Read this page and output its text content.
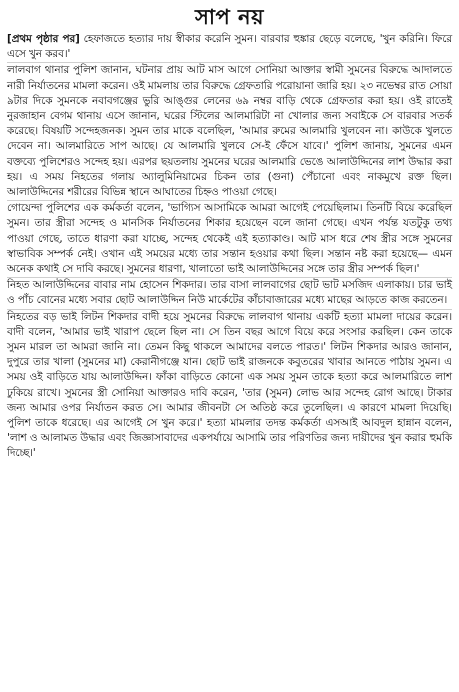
সাপ নয়

[প্রথম পৃষ্ঠার পর] হেফাজতে হত্যার দায় স্বীকার করেনি সুমন। বারবার হুঙ্কার ছেড়ে বলেছে, 'খুন করিনি। ফিরে এসে খুন করব।'

লালবাগ থানার পুলিশ জানান, ঘটনার প্রায় আট মাস আগে সোনিয়া আক্তার স্বামী সুমনের বিরুদ্ধে আদালতে নারী নির্যাতনের মামলা করেন। ওই মামলায় তার বিরুদ্ধে গ্রেফতারি পরোয়ানা জারি হয়। ২৩ নভেম্বর রাত সোয়া ৯টার দিকে সুমনকে নবাবগঞ্জের ভুরি আঙ্গুর লেনের ৬৯ নম্বর বাড়ি থেকে গ্রেফতার করা হয়। ওই রাতেই নুরজাহান বেগম থানায় এসে জানান, ঘরের স্টিলের আলমারিটা না খোলার জন্য সবাইকে সে বারবার সতর্ক করেছে। বিষয়টি সন্দেহজনক। সুমন তার মাকে বলেছিল, 'আমার রুমের আলমারি খুলবেন না। কাউকে খুলতে দেবেন না। আলমারিতে সাপ আছে। যে আলমারি খুলবে সে-ই ফেঁসে যাবে।' পুলিশ জানায়, সুমনের এমন বক্তব্যে পুলিশেরও সন্দেহ হয়। এরপর ছয়তলায় সুমনের ঘরের আলমারি ভেঙে আলাউদ্দিনের লাশ উদ্ধার করা হয়। এ সময় নিহতের গলায় অ্যালুমিনিয়ামের চিকন তার (গুনা) পেঁচানো এবং নাকমুখে রক্ত ছিল। আলাউদ্দিনের শরীরের বিভিন্ন স্থানে আঘাতের চিহ্নও পাওয়া গেছে।

গোয়েন্দা পুলিশের এক কর্মকর্তা বলেন, 'ভাগ্যিস আসামিকে আমরা আগেই পেয়েছিলাম। তিনটি বিয়ে করেছিল সুমন। তার স্ত্রীরা সন্দেহ ও মানসিক নির্যাতনের শিকার হয়েছেন বলে জানা গেছে। এখন পর্যন্ত যতটুকু তথ্য পাওয়া গেছে, তাতে ধারণা করা যাচ্ছে, সন্দেহ থেকেই এই হত্যাকাণ্ড। আট মাস ধরে শেষ স্ত্রীর সঙ্গে সুমনের স্বাভাবিক সম্পর্ক নেই। ওখান এই সময়ের মধ্যে তার সন্তান হওয়ার কথা ছিল। সন্তান নষ্ট করা হয়েছে— এমন অনেক কথাই সে দাবি করছে। সুমনের ধারণা, খালাতো ভাই আলাউদ্দিনের সঙ্গে তার স্ত্রীর সম্পর্ক ছিল।'

নিহত আলাউদ্দিনের বাবার নাম হোসেন শিকদার। তার বাসা লালবাগের ছোট ভাট মসজিদ এলাকায়। চার ভাই ও পাঁচ বোনের মধ্যে সবার ছোট আলাউদ্দিন নিউ মার্কেটের কাঁচাবাজারের মধ্যে মাছের আড়তে কাজ করতেন।

নিহতের বড় ভাই লিটন শিকদার বাদী হয়ে সুমনের বিরুদ্ধে লালবাগ থানায় একটি হত্যা মামলা দায়ের করেন। বাদী বলেন, 'আমার ভাই খারাপ ছেলে ছিল না। সে তিন বছর আগে বিয়ে করে সংসার করছিল। কেন তাকে সুমন মারল তা আমরা জানি না। তেমন কিছু থাকলে আমাদের বলতে পারত।' লিটন শিকদার আরও জানান, দুপুরে তার খালা (সুমনের মা) কেরানীগঞ্জে যান। ছোট ভাই রাজনকে কবুতরের খাবার আনতে পাঠায় সুমন। এ সময় ওই বাড়িতে যায় আলাউদ্দিন। ফাঁকা বাড়িতে কোনো এক সময় সুমন তাকে হত্যা করে আলমারিতে লাশ ঢুকিয়ে রাখে। সুমনের স্ত্রী সোনিয়া আক্তারও দাবি করেন, 'তার (সুমন) লোভ আর সন্দেহ রোগ আছে। টাকার জন্য আমার ওপর নির্যাতন করত সে। আমার জীবনটা সে অতিষ্ঠ করে তুলেছিল। এ কারণে মামলা দিয়েছি। পুলিশ তাকে ধরেছে। এর আগেই সে খুন করে।' হত্যা মামলার তদন্ত কর্মকর্তা এসআই আবদুল হান্নান বলেন, 'লাশ ও আলামত উদ্ধার এবং জিজ্ঞাসাবাদের একপর্যায়ে আসামি তার পরিণতির জন্য দায়ীদের খুন করার হুমকি দিচ্ছে।'
